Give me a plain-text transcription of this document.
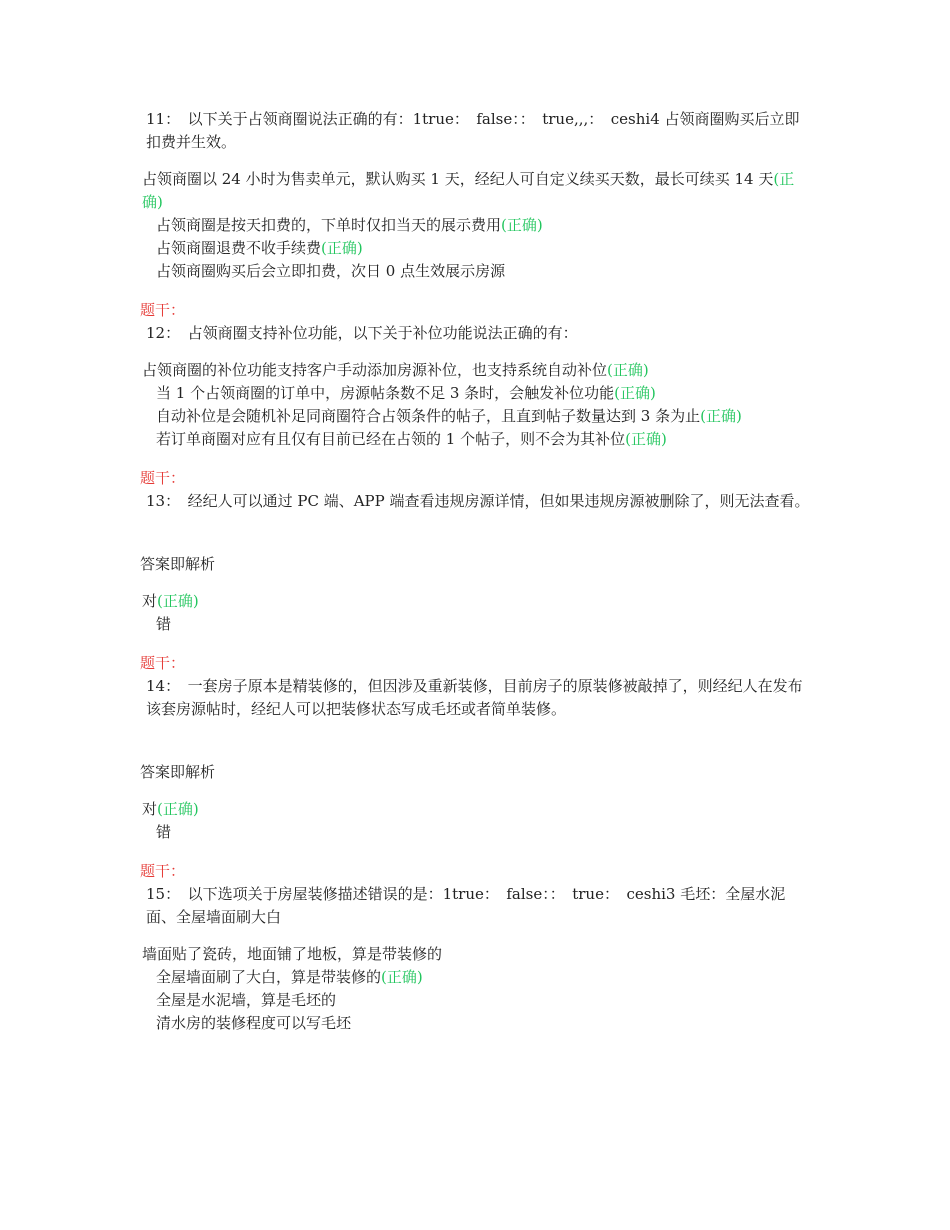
11：　以下关于占领商圈说法正确的有：1true：　false：：　true,,,：　ceshi4 占领商圈购买后立即扣费并生效。
占领商圈以 24 小时为售卖单元，默认购买 1 天，经纪人可自定义续买天数，最长可续买 14 天(正确)
占领商圈是按天扣费的，下单时仅扣当天的展示费用(正确)
占领商圈退费不收手续费(正确)
占领商圈购买后会立即扣费，次日 0 点生效展示房源
题干：
12：　占领商圈支持补位功能，以下关于补位功能说法正确的有：
占领商圈的补位功能支持客户手动添加房源补位，也支持系统自动补位(正确)
当 1 个占领商圈的订单中，房源帖条数不足 3 条时，会触发补位功能(正确)
自动补位是会随机补足同商圈符合占领条件的帖子，且直到帖子数量达到 3 条为止(正确)
若订单商圈对应有且仅有目前已经在占领的 1 个帖子，则不会为其补位(正确)
题干：
13：　经纪人可以通过 PC 端、APP 端查看违规房源详情，但如果违规房源被删除了，则无法查看。
答案即解析
对(正确)
错
题干：
14：　一套房子原本是精装修的，但因涉及重新装修，目前房子的原装修被敲掉了，则经纪人在发布该套房源帖时，经纪人可以把装修状态写成毛坯或者简单装修。
答案即解析
对(正确)
错
题干：
15：　以下选项关于房屋装修描述错误的是：1true：　false：：　true：　ceshi3 毛坯：全屋水泥面、全屋墙面刷大白
墙面贴了瓷砖，地面铺了地板，算是带装修的
全屋墙面刷了大白，算是带装修的(正确)
全屋是水泥墙，算是毛坯的
清水房的装修程度可以写毛坯
